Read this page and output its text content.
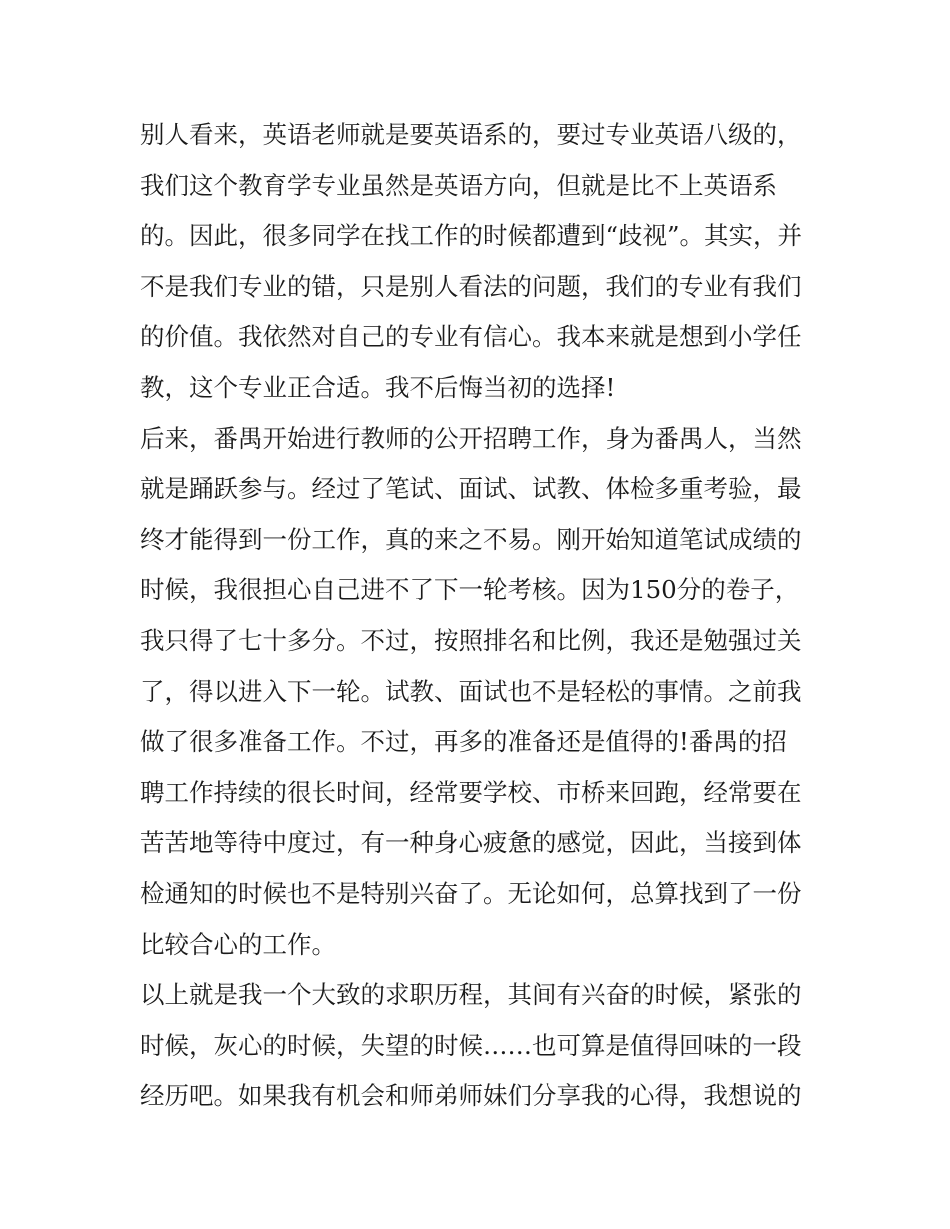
别人看来，英语老师就是要英语系的，要过专业英语八级的，
我们这个教育学专业虽然是英语方向，但就是比不上英语系
的。因此，很多同学在找工作的时候都遭到“歧视”。其实，并
不是我们专业的错，只是别人看法的问题，我们的专业有我们
的价值。我依然对自己的专业有信心。我本来就是想到小学任
教，这个专业正合适。我不后悔当初的选择!
后来，番禺开始进行教师的公开招聘工作，身为番禺人，当然
就是踊跃参与。经过了笔试、面试、试教、体检多重考验，最
终才能得到一份工作，真的来之不易。刚开始知道笔试成绩的
时候，我很担心自己进不了下一轮考核。因为150分的卷子，
我只得了七十多分。不过，按照排名和比例，我还是勉强过关
了，得以进入下一轮。试教、面试也不是轻松的事情。之前我
做了很多准备工作。不过，再多的准备还是值得的!番禺的招
聘工作持续的很长时间，经常要学校、市桥来回跑，经常要在
苦苦地等待中度过，有一种身心疲惫的感觉，因此，当接到体
检通知的时候也不是特别兴奋了。无论如何，总算找到了一份
比较合心的工作。
以上就是我一个大致的求职历程，其间有兴奋的时候，紧张的
时候，灰心的时候，失望的时候……也可算是值得回味的一段
经历吧。如果我有机会和师弟师妹们分享我的心得，我想说的
